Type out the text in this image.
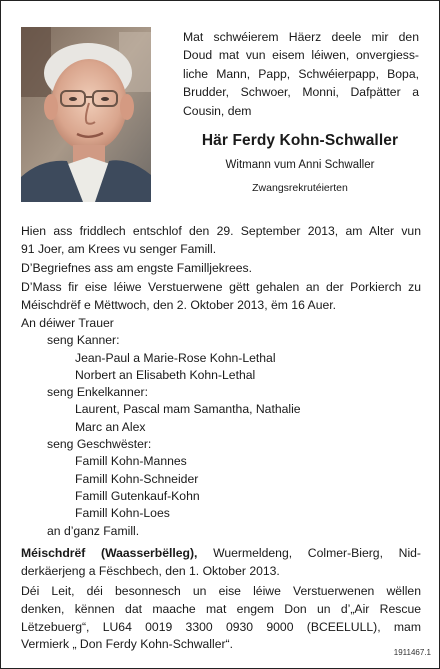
Mat schwéierem Häerz deele mir den
Doud mat vun eisem léiwen, onvergiess-
liche Mann, Papp, Schwéierpapp, Bopa,
Brudder, Schwoer, Monni, Dafpätter a
Cousin, dem
Här Ferdy Kohn-Schwaller
Witmann vum Anni Schwaller
Zwangsrekrutéierten
Hien ass friddlech entschlof den 29. September 2013, am Alter vun
91 Joer, am Krees vu senger Famill.
D’Begriefnes ass am engste Familljekrees.
D’Mass fir eise léiwe Verstuerwene gëtt gehalen an der Porkierch zu
Méischdrëf e Mëttwoch, den 2. Oktober 2013, ëm 16 Auer.
An déiwer Trauer
seng Kanner:
Jean-Paul a Marie-Rose Kohn-Lethal
Norbert an Elisabeth Kohn-Lethal
seng Enkelkanner:
Laurent, Pascal mam Samantha, Nathalie
Marc an Alex
seng Geschwëster:
Famill Kohn-Mannes
Famill Kohn-Schneider
Famill Gutenkauf-Kohn
Famill Kohn-Loes
an d’ganz Famill.
Méischdrëf (Waasserbëlleg), Wuermeldeng, Colmer-Bierg, Nid-
derkäerjeng a Fëschbech, den 1. Oktober 2013.
Déi Leit, déi besonnesch un eise léiwe Verstuerwenen wëllen
denken, kënnen dat maache mat engem Don un d’„Air Rescue
Lëtzebuerg“, LU64 0019 3300 0930 9000 (BCEELULL), mam
Vermierk „ Don Ferdy Kohn-Schwaller“.
1911467.1
